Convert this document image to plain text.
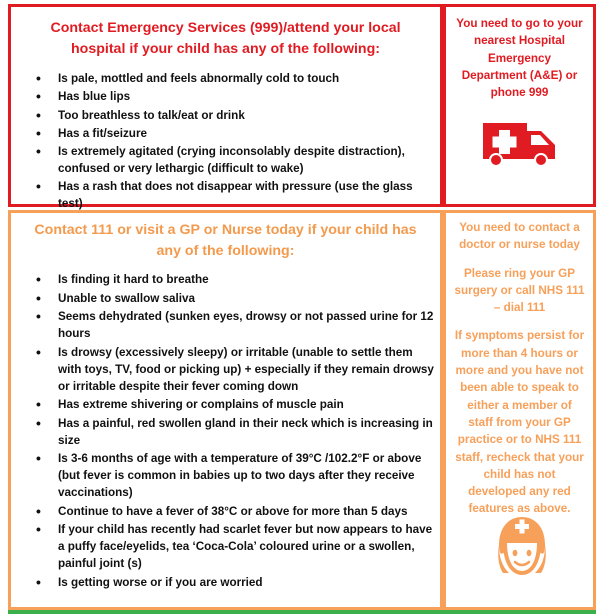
Contact Emergency Services (999)/attend your local hospital if your child has any of the following:
• Is pale, mottled and feels abnormally cold to touch
• Has blue lips
• Too breathless to talk/eat or drink
• Has a fit/seizure
• Is extremely agitated (crying inconsolably despite distraction), confused or very lethargic (difficult to wake)
• Has a rash that does not disappear with pressure (use the glass test)
You need to go to your nearest Hospital Emergency Department (A&E) or phone 999
Contact 111 or visit a GP or Nurse today if your child has any of the following:
• Is finding it hard to breathe
• Unable to swallow saliva
• Seems dehydrated (sunken eyes, drowsy or not passed urine for 12 hours
• Is drowsy (excessively sleepy) or irritable (unable to settle them with toys, TV, food or picking up) + especially if they remain drowsy or irritable despite their fever coming down
• Has extreme shivering or complains of muscle pain
• Has a painful, red swollen gland in their neck which is increasing in size
• Is 3-6 months of age with a temperature of 39°C /102.2°F or above (but fever is common in babies up to two days after they receive vaccinations)
• Continue to have a fever of 38°C or above for more than 5 days
• If your child has recently had scarlet fever but now appears to have a puffy face/eyelids, tea ‘Coca-Cola’ coloured urine or a swollen, painful joint (s)
• Is getting worse or if you are worried
You need to contact a doctor or nurse today
Please ring your GP surgery or call NHS 111 – dial 111
If symptoms persist for more than 4 hours or more and you have not been able to speak to either a member of staff from your GP practice or to NHS 111 staff, recheck that your child has not developed any red features as above.
